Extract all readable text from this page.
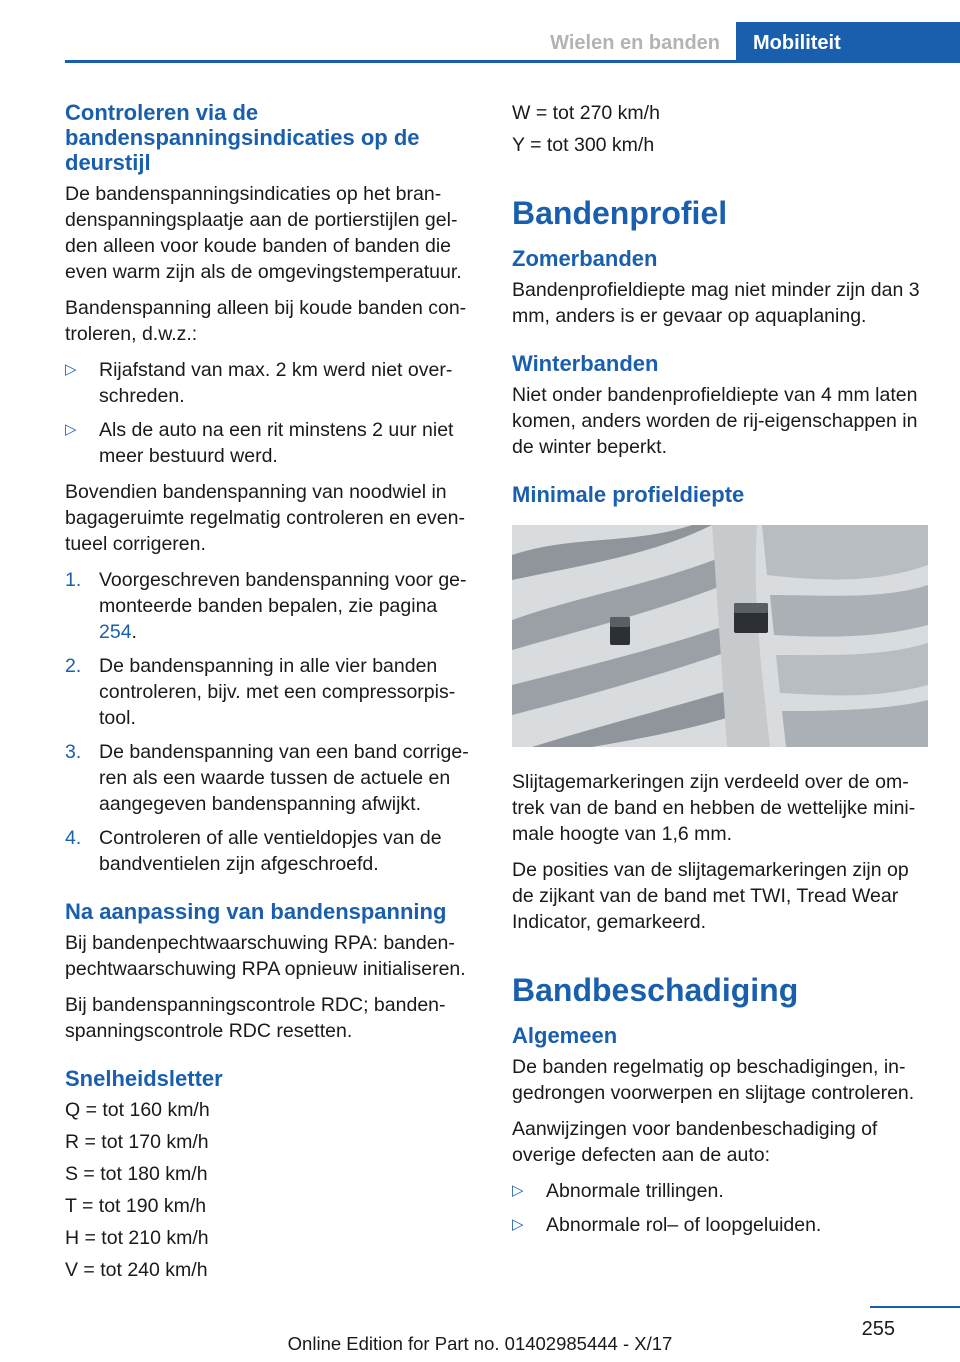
Wielen en banden	Mobiliteit
Controleren via de bandenspanningsindicaties op de deurstijl

De bandenspanningsindicaties op het brandenspanningsplaatje aan de portierstijlen gelden alleen voor koude banden of banden die even warm zijn als de omgevingstemperatuur.

Bandenspanning alleen bij koude banden controleren, d.w.z.:

▷ Rijafstand van max. 2 km werd niet overschreden.
▷ Als de auto na een rit minstens 2 uur niet meer bestuurd werd.

Bovendien bandenspanning van noodwiel in bagageruimte regelmatig controleren en eventueel corrigeren.

1. Voorgeschreven bandenspanning voor gemonteerde banden bepalen, zie pagina 254.
2. De bandenspanning in alle vier banden controleren, bijv. met een compressorpistool.
3. De bandenspanning van een band corrigeren als een waarde tussen de actuele en aangegeven bandenspanning afwijkt.
4. Controleren of alle ventieldopjes van de bandventielen zijn afgeschroefd.
Na aanpassing van bandenspanning

Bij bandenpechtwaarschuwing RPA: bandenpechtwaarschuwing RPA opnieuw initialiseren.

Bij bandenspanningscontrole RDC; bandenspanningscontrole RDC resetten.

Snelheidsletter
Q = tot 160 km/h
R = tot 170 km/h
S = tot 180 km/h
T = tot 190 km/h
H = tot 210 km/h
V = tot 240 km/h
W = tot 270 km/h
Y = tot 300 km/h
Bandenprofiel
Zomerbanden

Bandenprofieldiepte mag niet minder zijn dan 3 mm, anders is er gevaar op aquaplaning.

Winterbanden

Niet onder bandenprofieldiepte van 4 mm laten komen, anders worden de rij-eigenschappen in de winter beperkt.

Minimale profieldiepte

Slijtagemarkeringen zijn verdeeld over de omtrek van de band en hebben de wettelijke minimale hoogte van 1,6 mm.

De posities van de slijtagemarkeringen zijn op de zijkant van de band met TWI, Tread Wear Indicator, gemarkeerd.

Bandbeschadiging
Algemeen

De banden regelmatig op beschadigingen, ingedrongen voorwerpen en slijtage controleren.

Aanwijzingen voor bandenbeschadiging of overige defecten aan de auto:

▷ Abnormale trillingen.
▷ Abnormale rol– of loopgeluiden.
255
Online Edition for Part no. 01402985444 - X/17
